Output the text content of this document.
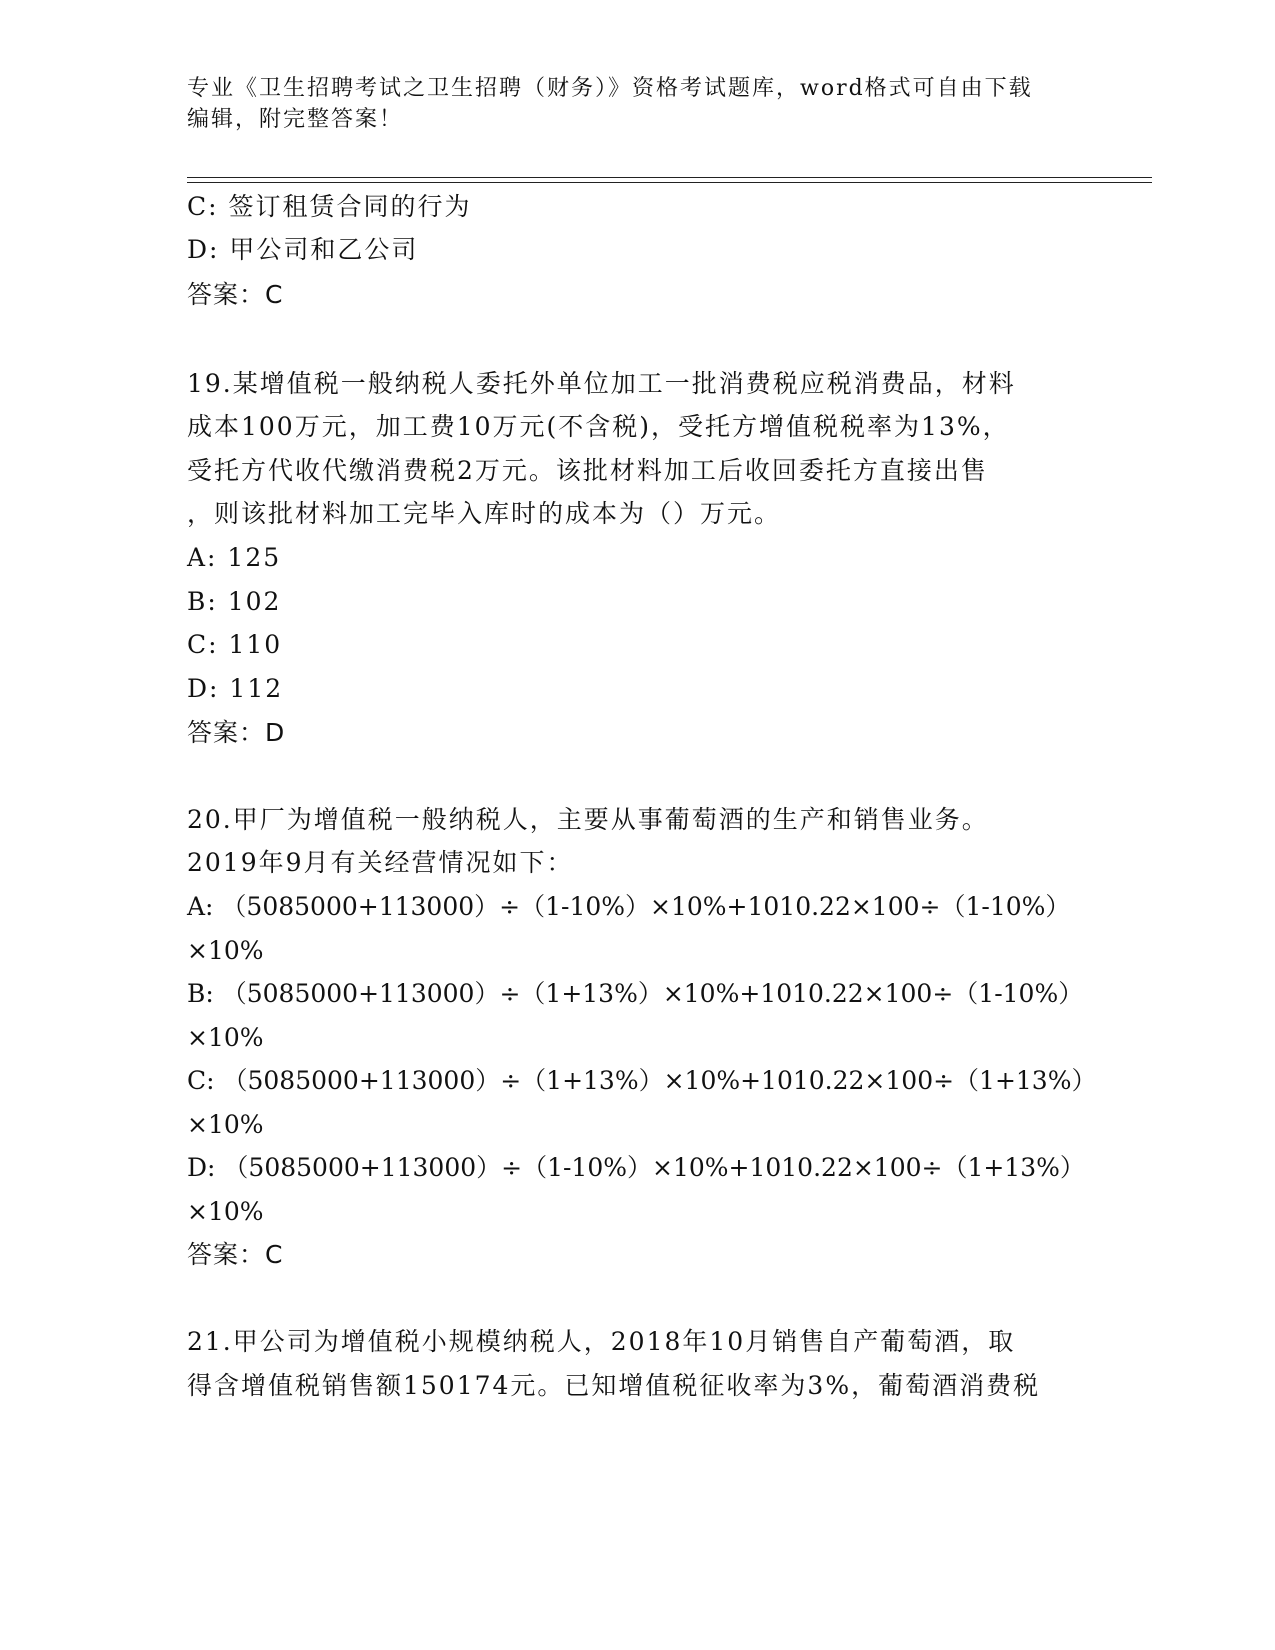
专业《卫生招聘考试之卫生招聘（财务）》资格考试题库，word格式可自由下载
编辑，附完整答案！
C: 签订租赁合同的行为
D: 甲公司和乙公司
答案：C
19.某增值税一般纳税人委托外单位加工一批消费税应税消费品，材料
成本100万元，加工费10万元(不含税)，受托方增值税税率为13%，
受托方代收代缴消费税2万元。该批材料加工后收回委托方直接出售
，则该批材料加工完毕入库时的成本为（）万元。
A: 125
B: 102
C: 110
D: 112
答案：D
20.甲厂为增值税一般纳税人，主要从事葡萄酒的生产和销售业务。
2019年9月有关经营情况如下：
A: （5085000+113000）÷（1-10%）×10%+1010.22×100÷（1-10%）
×10%
B: （5085000+113000）÷（1+13%）×10%+1010.22×100÷（1-10%）
×10%
C: （5085000+113000）÷（1+13%）×10%+1010.22×100÷（1+13%）
×10%
D: （5085000+113000）÷（1-10%）×10%+1010.22×100÷（1+13%）
×10%
答案：C
21.甲公司为增值税小规模纳税人，2018年10月销售自产葡萄酒，取
得含增值税销售额150174元。已知增值税征收率为3%，葡萄酒消费税
